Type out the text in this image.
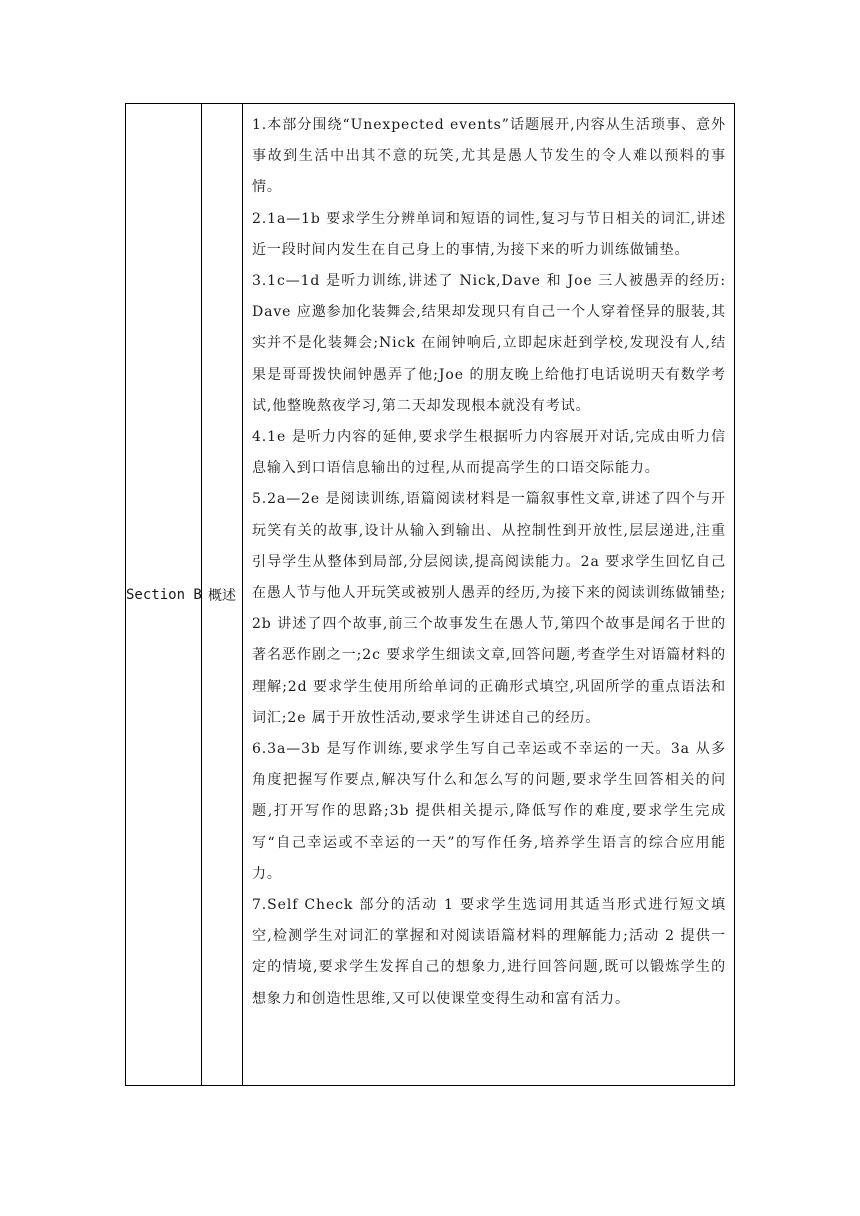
Section B	概述	

1.本部分围绕“Unexpected events”话题展开,内容从生活琐事、意外事故到生活中出其不意的玩笑,尤其是愚人节发生的令人难以预料的事情。

2.1a—1b 要求学生分辨单词和短语的词性,复习与节日相关的词汇,讲述近一段时间内发生在自己身上的事情,为接下来的听力训练做铺垫。

3.1c—1d 是听力训练,讲述了 Nick,Dave 和 Joe 三人被愚弄的经历:Dave 应邀参加化装舞会,结果却发现只有自己一个人穿着怪异的服装,其实并不是化装舞会;Nick 在闹钟响后,立即起床赶到学校,发现没有人,结果是哥哥拨快闹钟愚弄了他;Joe 的朋友晚上给他打电话说明天有数学考试,他整晚熬夜学习,第二天却发现根本就没有考试。

4.1e 是听力内容的延伸,要求学生根据听力内容展开对话,完成由听力信息输入到口语信息输出的过程,从而提高学生的口语交际能力。

5.2a—2e 是阅读训练,语篇阅读材料是一篇叙事性文章,讲述了四个与开玩笑有关的故事,设计从输入到输出、从控制性到开放性,层层递进,注重引导学生从整体到局部,分层阅读,提高阅读能力。2a 要求学生回忆自己在愚人节与他人开玩笑或被别人愚弄的经历,为接下来的阅读训练做铺垫;2b 讲述了四个故事,前三个故事发生在愚人节,第四个故事是闻名于世的著名恶作剧之一;2c 要求学生细读文章,回答问题,考查学生对语篇材料的理解;2d 要求学生使用所给单词的正确形式填空,巩固所学的重点语法和词汇;2e 属于开放性活动,要求学生讲述自己的经历。

6.3a—3b 是写作训练,要求学生写自己幸运或不幸运的一天。3a 从多角度把握写作要点,解决写什么和怎么写的问题,要求学生回答相关的问题,打开写作的思路;3b 提供相关提示,降低写作的难度,要求学生完成写“自己幸运或不幸运的一天”的写作任务,培养学生语言的综合应用能力。

7.Self Check 部分的活动 1 要求学生选词用其适当形式进行短文填空,检测学生对词汇的掌握和对阅读语篇材料的理解能力;活动 2 提供一定的情境,要求学生发挥自己的想象力,进行回答问题,既可以锻炼学生的想象力和创造性思维,又可以使课堂变得生动和富有活力。
